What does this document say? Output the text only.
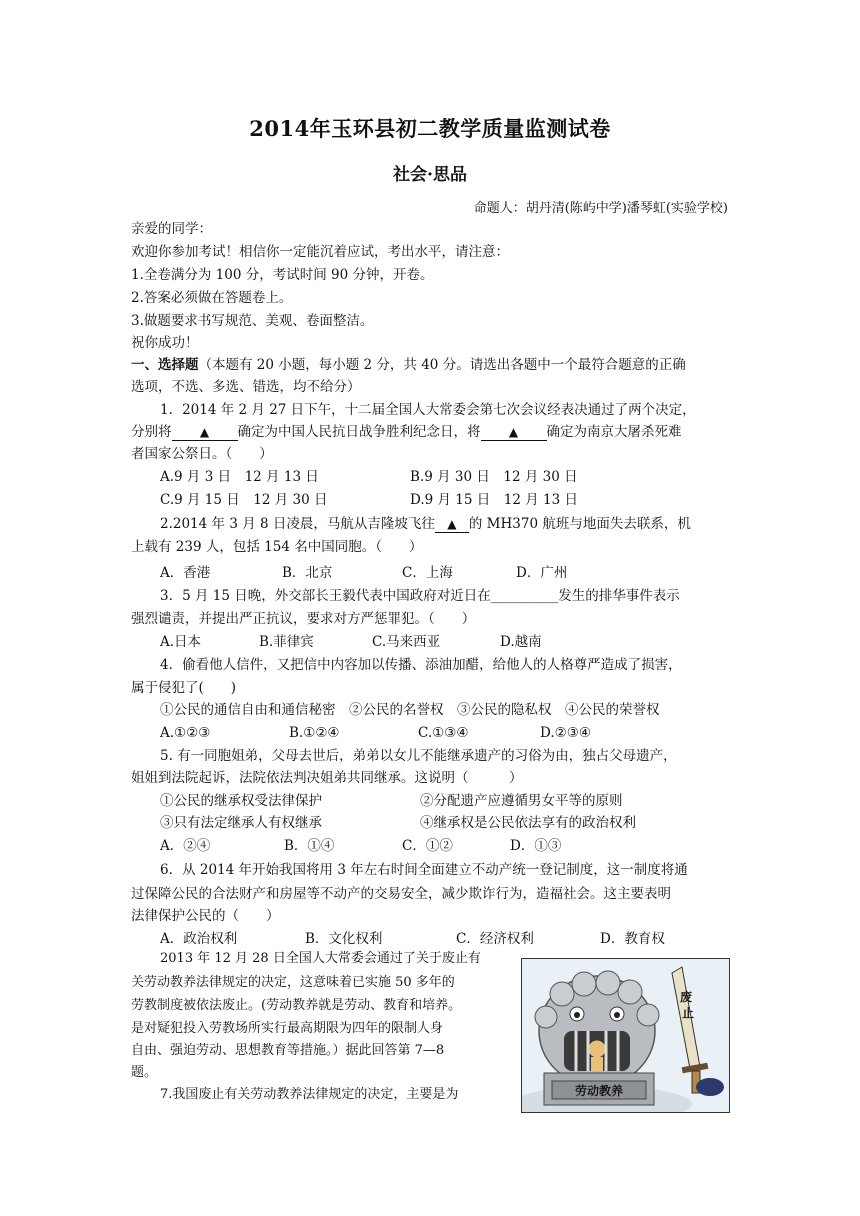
2014年玉环县初二教学质量监测试卷
社会·思品
命题人：胡丹清(陈屿中学)潘琴虹(实验学校)
亲爱的同学：
欢迎你参加考试！相信你一定能沉着应试，考出水平，请注意：
1.全卷满分为 100 分，考试时间 90 分钟，开卷。
2.答案必须做在答题卷上。
3.做题要求书写规范、美观、卷面整洁。
祝你成功！
一、选择题（本题有 20 小题，每小题 2 分，共 40 分。请选出各题中一个最符合题意的正确
选项，不选、多选、错选，均不给分）
1．2014 年 2 月 27 日下午，十二届全国人大常委会第七次会议经表决通过了两个决定，
分别将 ▲ 确定为中国人民抗日战争胜利纪念日，将 ▲ 确定为南京大屠杀死难
者国家公祭日。（　　）
A.9 月 3 日　12 月 13 日	B.9 月 30 日　12 月 30 日
C.9 月 15 日　12 月 30 日	D.9 月 15 日　12 月 13 日
2.2014 年 3 月 8 日凌晨，马航从吉隆坡飞往 ▲ 的 MH370 航班与地面失去联系，机
上载有 239 人，包括 154 名中国同胞。（　　）
A．香港	B．北京	C．上海	D．广州
3．5 月 15 日晚，外交部长王毅代表中国政府对近日在__________发生的排华事件表示
强烈谴责，并提出严正抗议，要求对方严惩罪犯。（　　）
A.日本	B.菲律宾	C.马来西亚	D.越南
4．偷看他人信件，又把信中内容加以传播、添油加醋，给他人的人格尊严造成了损害，
属于侵犯了(　　)
①公民的通信自由和通信秘密　②公民的名誉权　③公民的隐私权　④公民的荣誉权
A.①②③	B.①②④	C.①③④	D.②③④
5. 有一同胞姐弟，父母去世后，弟弟以女儿不能继承遗产的习俗为由，独占父母遗产，
姐姐到法院起诉，法院依法判决姐弟共同继承。这说明（　　　）
①公民的继承权受法律保护	②分配遗产应遵循男女平等的原则
③只有法定继承人有权继承	④继承权是公民依法享有的政治权利
A．②④	B．①④	C．①②	D．①③
6．从 2014 年开始我国将用 3 年左右时间全面建立不动产统一登记制度，这一制度将通
过保障公民的合法财产和房屋等不动产的交易安全，减少欺诈行为，造福社会。这主要表明
法律保护公民的（　　）
A．政治权利	B．文化权利	C．经济权利	D．教育权
2013 年 12 月 28 日全国人大常委会通过了关于废止有
关劳动教养法律规定的决定，这意味着已实施 50 多年的
劳教制度被依法废止。(劳动教养就是劳动、教育和培养。
是对疑犯投入劳教场所实行最高期限为四年的限制人身
自由、强迫劳动、思想教育等措施。）据此回答第 7—8
题。
7.我国废止有关劳动教养法律规定的决定，主要是为	劳动教养
废 止
